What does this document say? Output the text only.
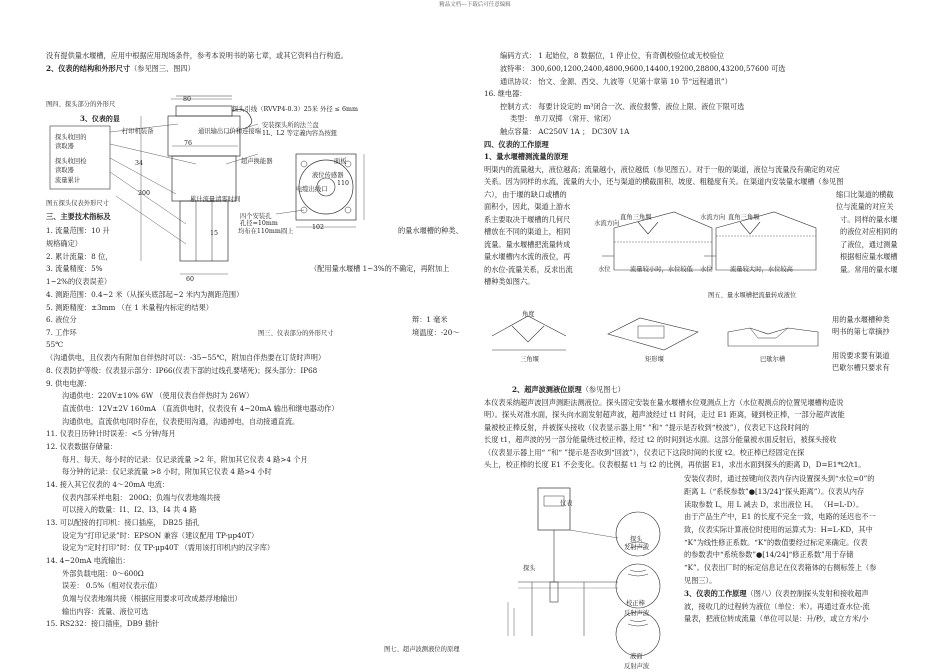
精品文档---下载后可任意编辑
没有提供量水堰槽，应用中根据应用现场条件，参考本说明书的第七章，或其它资料自行构造。
2、仪表的结构和外形尺寸（参见图三、图四）
图四、探头部分的外形尺
3、仪表的显
探头收回的
读取器
探头收回检
读取器
流量累计
探头引线（RVVP4-0.3）25米 外径 ≤ 6mm
80
34
76
200
60
110
102
15
打印机装备	通讯输出口价和连接端
安装探头所的法兰盘
1L、L2 等定義內容為按鈕
超声换能器
累计流量清零时间
四个安装孔
孔径=10mm
均布在110mm圆上
面板
液位传感器
电缆出线口
图五探头仪表外形尺寸
三、主要技术指标及
1. 流量范围：10 升	的量水堰槽的种类、
规格确定）
2. 累计流量：8 位，
3. 流量精度：5%	（配用量水堰槽 1~3%的不确定，再附加上
1~2%的仪表误差）
4. 测距范围：0.4~2 米（从探头底部起~2 米内为测距范围）
5. 测距精度：±3mm （在 1 米量程内标定的结果）
6. 液位分	辩：1 毫米
7. 工作环	图三、仪表部分的外形尺寸	境温度：-20～
55℃
（沟通供电，且仪表内有附加自伴热时可以：-35~55℃，附加自伴热要在订货时声明）
8. 仪表防护等级：仪表显示部分：IP66(仪表下部的过线孔要堵死)；探头部分：IP68
9. 供电电源：
沟通供电：220V±10% 6W （使用仪表自伴热时为 26W）
直流供电：12V±2V 160mA （直流供电时，仪表没有 4~20mA 输出和继电器动作）
沟通供电，直流供电同时存在，仪表使用沟通，沟通掉电，自动接通直流。
11. 仪表日历钟计时误差：<5 分钟/每月
12. 仪表数据存储量：
每月、每天、每小时的记录：仅记录流量 >2 年，附加其它仪表 4 路>4 个月
每分钟的记录：仅记录流量 >8 小时，附加其它仪表 4 路>4 小时
14. 接入其它仪表的 4～20mA 电流：
仪表内部采样电阻： 200Ω；负端与仪表地端共接
可以接入的数量：I1、I2、I3、I4 共 4 路
13. 可以配接的打印机：接口插座， DB25 插孔
设定为“打印记录”时：EPSON 兼容（建议配用 TP-μp40T）
设定为“定时打印”时：仅 TP-μp40T （需用该打印机内的汉字库）
14. 4~20mA 电流输出：
外部负载电阻：0～600Ω
误差： 0.5%（相对仪表示值）
负端与仪表地端共接（根据应用要求可改成悬浮地输出）
输出内容：流量、液位可选
15. RS232：接口插座，DB9 插针
编码方式： 1 起始位，8 数据位，1 停止位，有奇偶校验位或无校验位
波特率： 300,600,1200,2400,4800,9600,14400,19200,28800,43200,57600 可选
通讯协议： 怡文、金源、西交、九波等（见第十章第 10 节“远程通讯”）
16. 继电器：
控制方式： 每要计设定的 m³闭合一次、液位报警、液位上限、液位下限可选
类型： 单刀双掷 （常开、常闭）
触点容量： AC250V 1A ； DC30V 1A
四、仪表的工作原理
1、量水堰槽测流量的原理
明渠内的流量越大，液位越高；流量越小，液位越低（参见图五）。对于一般的渠道，液位与流量没有确定的对应
关系。因为同样的水流，流量的大小，还与渠道的横截面积、坡度、粗糙度有关。在渠道内安装量水堰槽（参见图
六），由于堰的缺口或槽的	缩口比渠道的横截
面积小，因此，渠道上游水	位与流量的对应关
系主要取决于堰槽的几何尺	寸。同样的量水堰
槽放在不同的渠道上，相同	的液位对应相同的
流量。量水堰槽把流量转成	了液位，通过测量
量水堰槽内水流的液位，再	根据相应量水堰槽
的水位-流量关系，反求出流	量。常用的量水堰
槽种类如图六。
直角三角堰
水流方向
直角三角堰
水流方向
水位	流量较小时，水位较低 水位	流量较大时，水位较高
图五、量水堰槽把流量转成液位
角度
三角堰	矩形堰	巴歇尔槽
用的量水堰槽种类
明书的第七章摘抄
用说要求要有渠道
巴歇尔槽只要求有
2、超声波测液位原理（参见图七）
本仪表采纳超声波回声测距法测液位。探头固定安装在量水堰槽水位观测点上方（水位观测点的位置见堰槽构造说
明）。探头对准水面，探头向水面发射超声波，超声波经过 t1 时间，走过 E1 距离，碰到校正棒，一部分超声波能
量被校正棒反射，并被探头接收（仪表显示器上用“ ”和“ ”提示是否收到“校波”），仪表记下这段时间的
长度 t1，超声波的另一部分能量绕过校正棒，经过 t2 的时间到达水面。这部分能量被水面反射后，被探头接收
（仪表显示器上用“ ”和“ ”提示是否收到“回波”），仪表记下这段时间的长度 t2。校正棒已经固定在探
头上，校正棒的长度 E1 不会变化。仪表根据 t1 与 t2 的比例，再依据 E1，求出水面到探头的距离 D，D=E1*t2/t1。
仪表
探头
探头
发射声波
校正棒
反射声波
液面
反射声波
图七、超声波测液位的原理
安装仪表时，通过按键向仪表内存内设置探头到“水位=0”的
距离 L（“系统参数”●[13/24]“探头距离”）。仪表从内存
读取参数 L，用 L 减去 D，求出液位 H。 （H=L-D）。
由于产品生产中，E1 的长度不完全一致，电路的延迟也不一
致，仪表实际计算液位时使用的运算式为：H=L-KD，其中
“K”为线性修正系数。“K”的数值要经过标定来确定。仪表
的参数表中“系统参数”●[14/24]“修正系数”用于存储
“K”。仪表出厂时的标定信息记在仪表箱体的右侧标签上（参
见图三）。
3、仪表的工作原理（图八）仪表控制探头发射和接收超声
波，接收几的过程转为液位（单位：米）。再通过查水位-流
量表，把液位转成流量（单位可以是：升/秒，或立方米/小
